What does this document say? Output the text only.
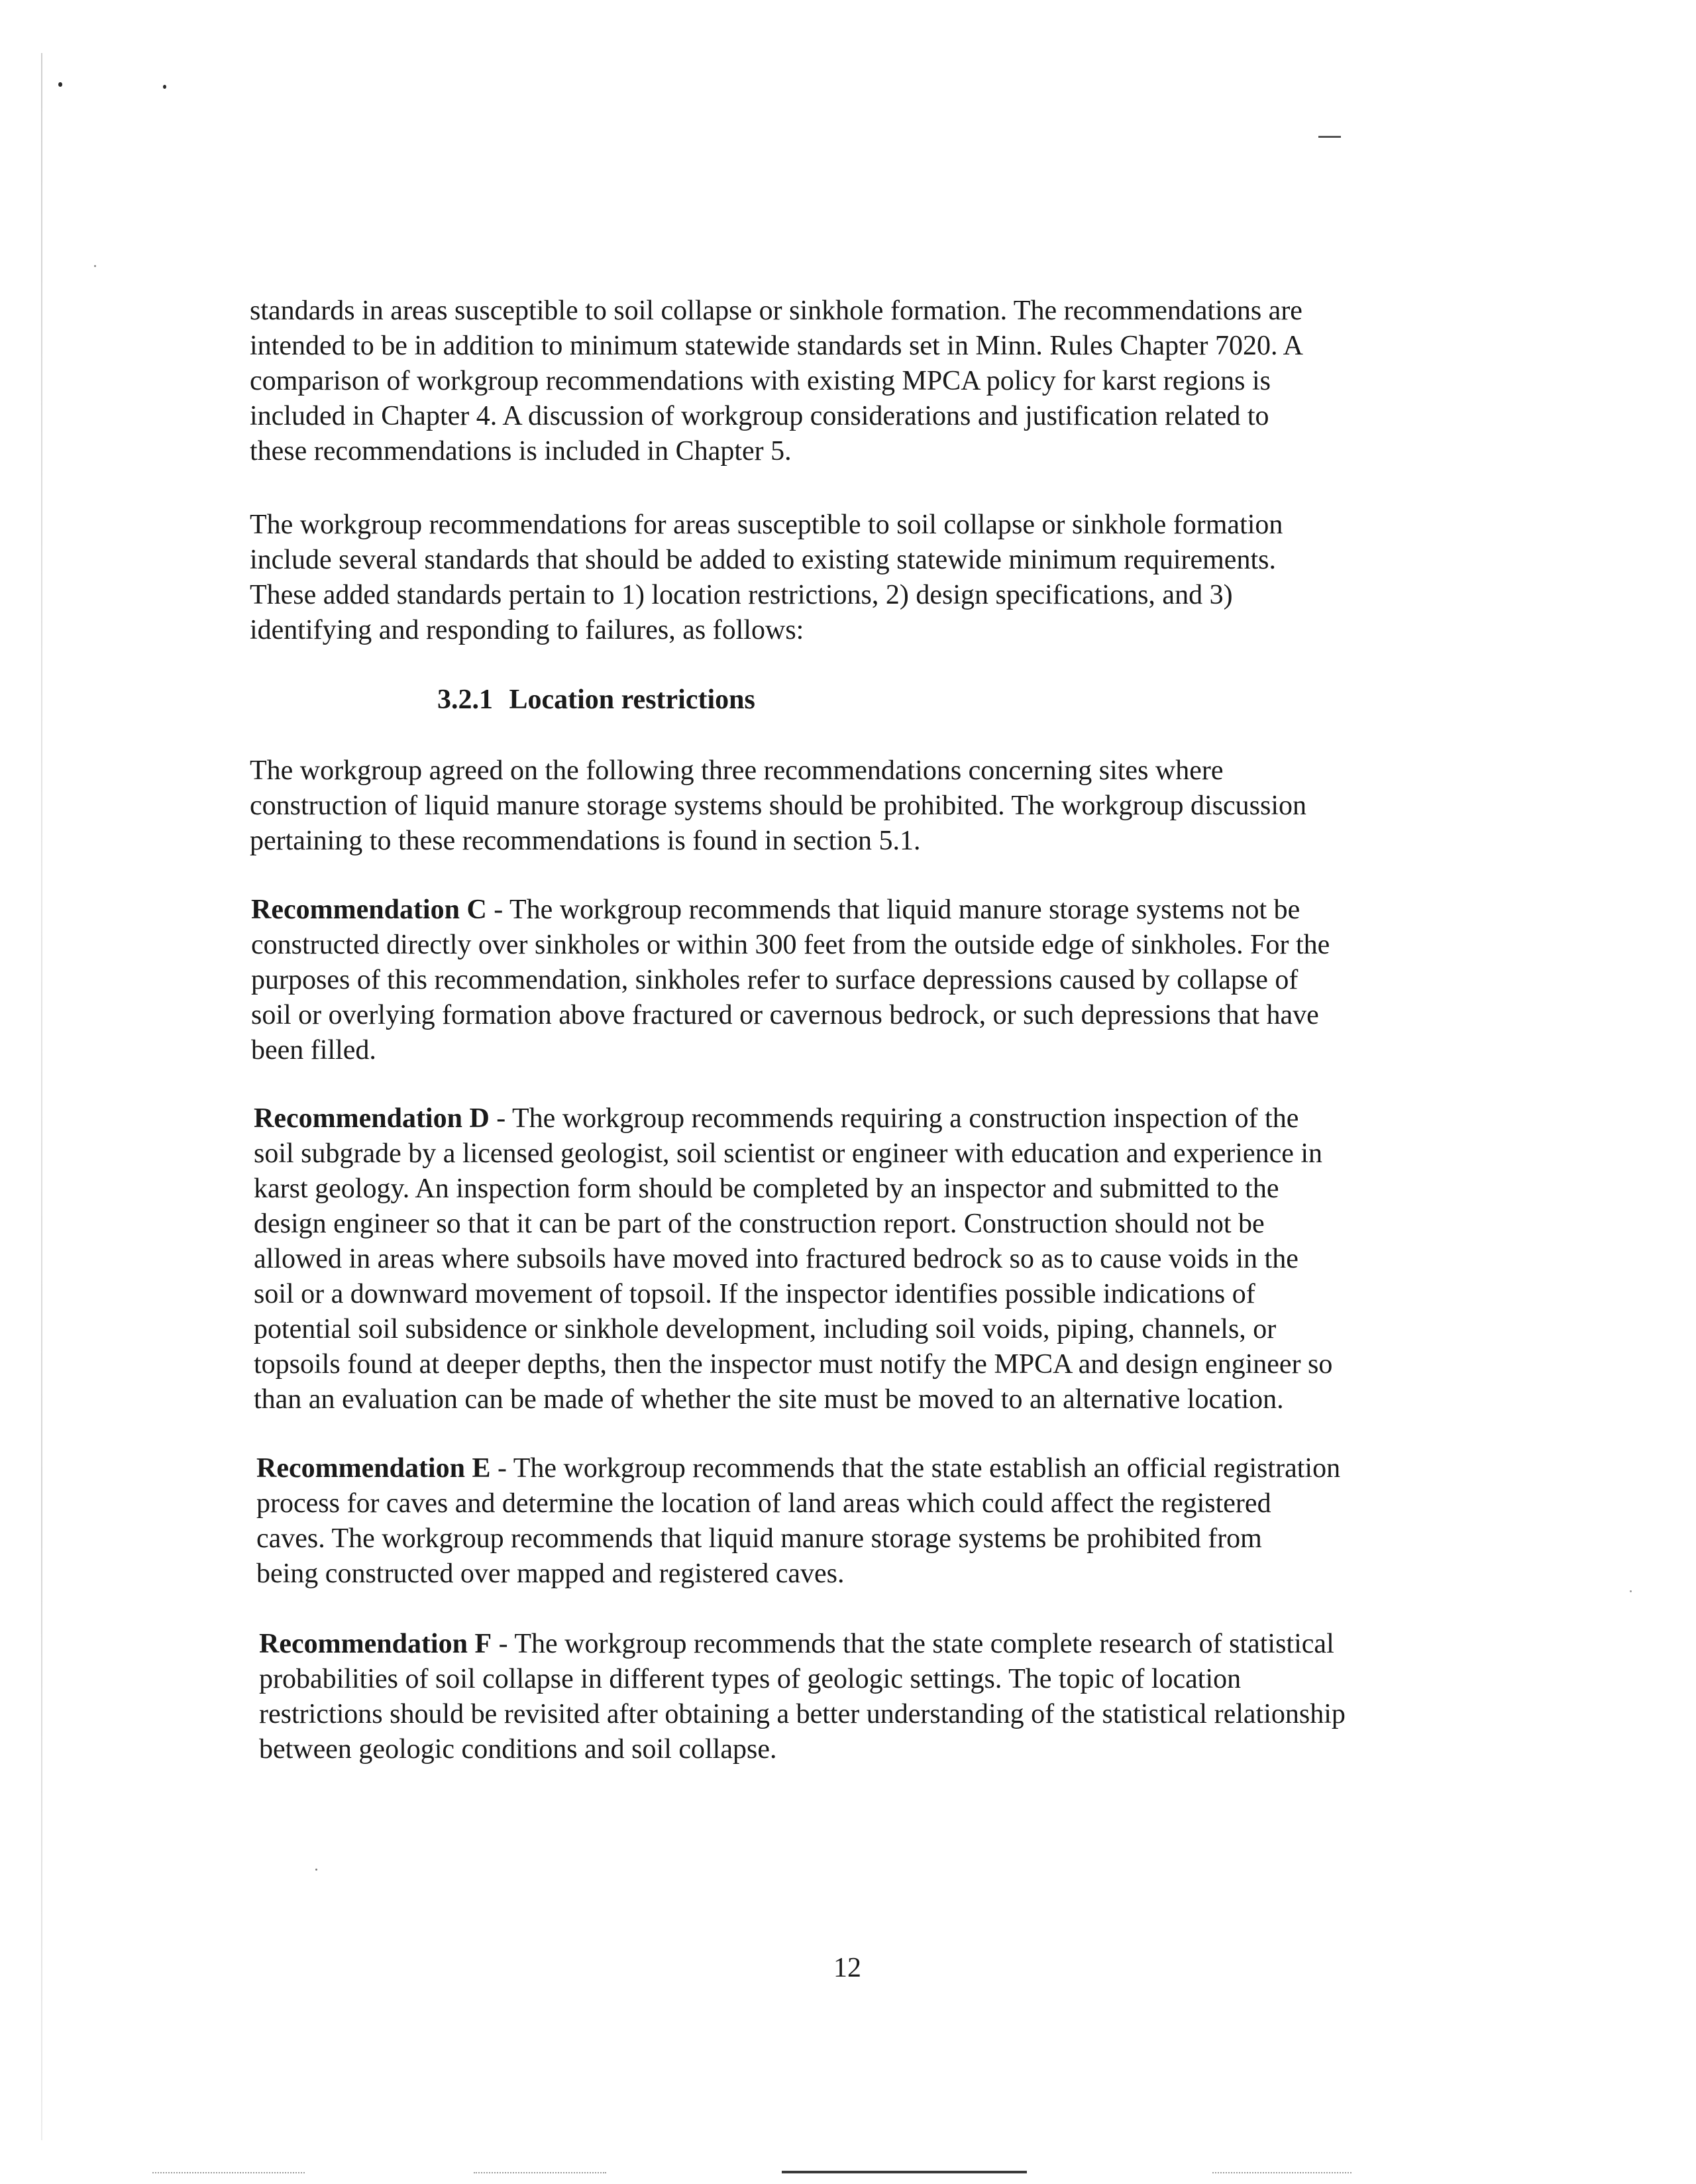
standards in areas susceptible to soil collapse or sinkhole formation. The recommendations are
intended to be in addition to minimum statewide standards set in Minn. Rules Chapter 7020. A
comparison of workgroup recommendations with existing MPCA policy for karst regions is
included in Chapter 4. A discussion of workgroup considerations and justification related to
these recommendations is included in Chapter 5.
The workgroup recommendations for areas susceptible to soil collapse or sinkhole formation
include several standards that should be added to existing statewide minimum requirements.
These added standards pertain to 1) location restrictions, 2) design specifications, and 3)
identifying and responding to failures, as follows:
3.2.1 Location restrictions
The workgroup agreed on the following three recommendations concerning sites where
construction of liquid manure storage systems should be prohibited. The workgroup discussion
pertaining to these recommendations is found in section 5.1.
Recommendation C - The workgroup recommends that liquid manure storage systems not be
constructed directly over sinkholes or within 300 feet from the outside edge of sinkholes. For the
purposes of this recommendation, sinkholes refer to surface depressions caused by collapse of
soil or overlying formation above fractured or cavernous bedrock, or such depressions that have
been filled.
Recommendation D - The workgroup recommends requiring a construction inspection of the
soil subgrade by a licensed geologist, soil scientist or engineer with education and experience in
karst geology. An inspection form should be completed by an inspector and submitted to the
design engineer so that it can be part of the construction report. Construction should not be
allowed in areas where subsoils have moved into fractured bedrock so as to cause voids in the
soil or a downward movement of topsoil. If the inspector identifies possible indications of
potential soil subsidence or sinkhole development, including soil voids, piping, channels, or
topsoils found at deeper depths, then the inspector must notify the MPCA and design engineer so
than an evaluation can be made of whether the site must be moved to an alternative location.
Recommendation E - The workgroup recommends that the state establish an official registration
process for caves and determine the location of land areas which could affect the registered
caves. The workgroup recommends that liquid manure storage systems be prohibited from
being constructed over mapped and registered caves.
Recommendation F - The workgroup recommends that the state complete research of statistical
probabilities of soil collapse in different types of geologic settings. The topic of location
restrictions should be revisited after obtaining a better understanding of the statistical relationship
between geologic conditions and soil collapse.
12
